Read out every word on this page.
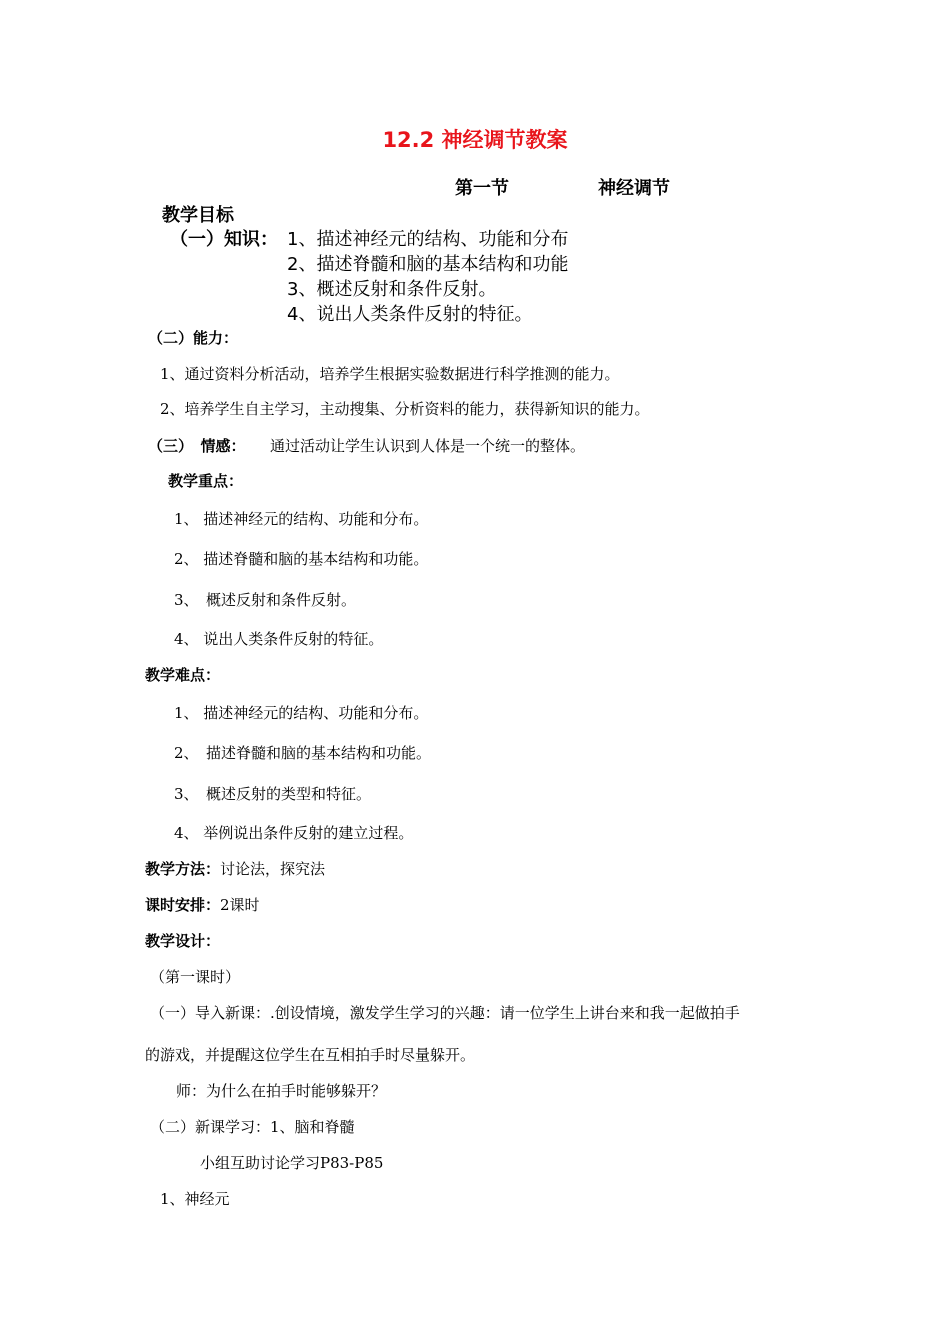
12.2 神经调节教案
第一节	神经调节
教学目标
（一）知识： 1、描述神经元的结构、功能和分布
2、描述脊髓和脑的基本结构和功能
3、概述反射和条件反射。
4、说出人类条件反射的特征。
（二）能力：
1、通过资料分析活动，培养学生根据实验数据进行科学推测的能力。
2、培养学生自主学习，主动搜集、分析资料的能力，获得新知识的能力。
（三）　情感： 通过活动让学生认识到人体是一个统一的整体。
教学重点：
1、 描述神经元的结构、功能和分布。
2、 描述脊髓和脑的基本结构和功能。
3、　概述反射和条件反射。
4、 说出人类条件反射的特征。
教学难点：
1、 描述神经元的结构、功能和分布。
2、　描述脊髓和脑的基本结构和功能。
3、　概述反射的类型和特征。
4、 举例说出条件反射的建立过程。
教学方法：讨论法，探究法
课时安排：2课时
教学设计：
（第一课时）
（一）导入新课：.创设情境，激发学生学习的兴趣：请一位学生上讲台来和我一起做拍手
的游戏，并提醒这位学生在互相拍手时尽量躲开。
师：为什么在拍手时能够躲开？
（二）新课学习：1、脑和脊髓
小组互助讨论学习P83-P85
1、神经元
